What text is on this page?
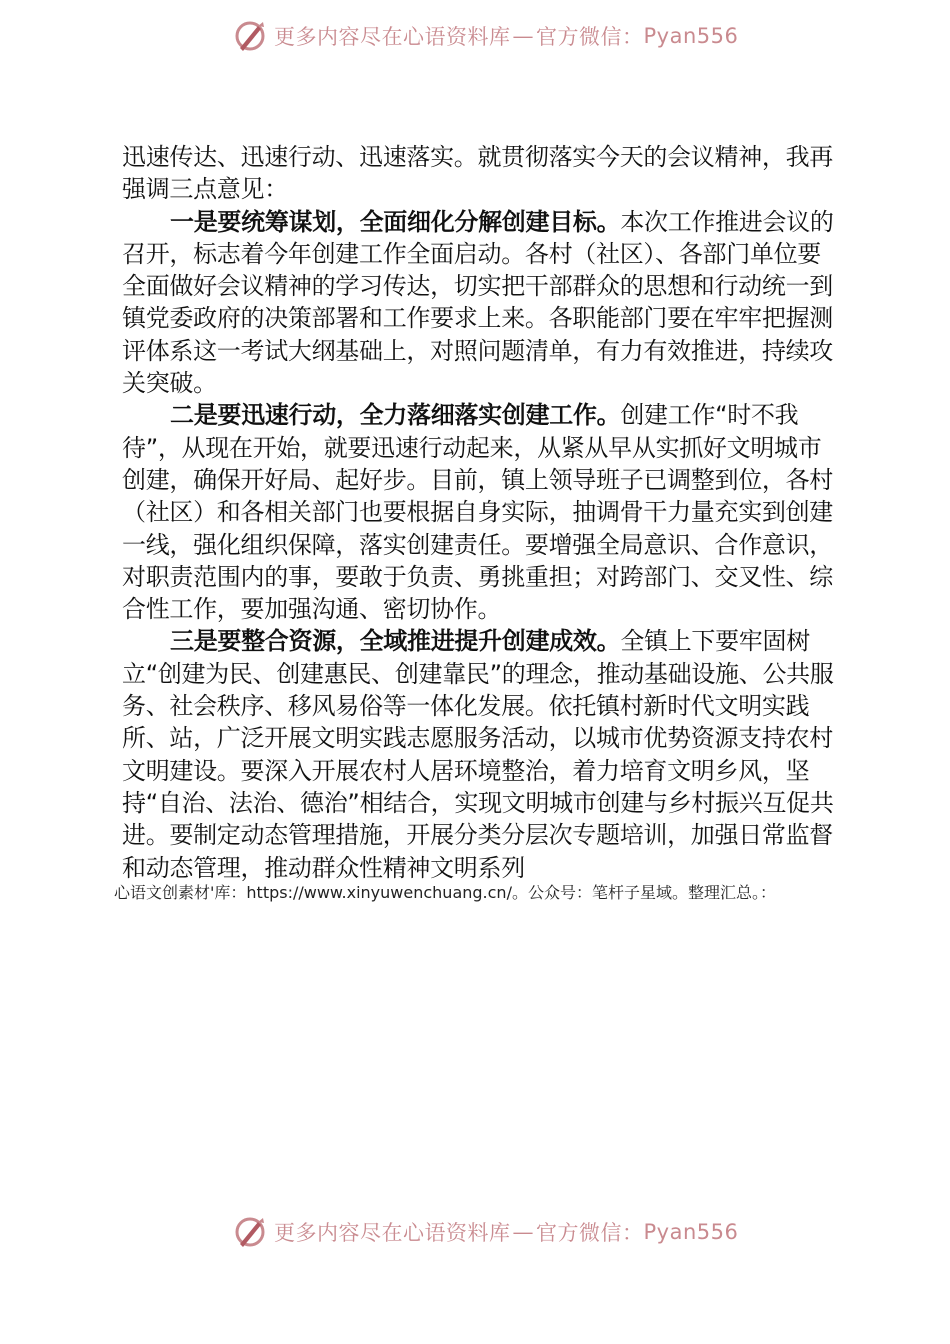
更多内容尽在心语资料库 — 官方微信： Pyan556

迅速传达、迅速行动、迅速落实。就贯彻落实今天的会议精神，我再强调三点意见：

一是要统筹谋划，全面细化分解创建目标。本次工作推进会议的召开，标志着今年创建工作全面启动。各村（社区）、各部门单位要全面做好会议精神的学习传达，切实把干部群众的思想和行动统一到镇党委政府的决策部署和工作要求上来。各职能部门要在牢牢把握测评体系这一考试大纲基础上，对照问题清单，有力有效推进，持续攻关突破。

二是要迅速行动，全力落细落实创建工作。创建工作“时不我待”，从现在开始，就要迅速行动起来，从紧从早从实抓好文明城市创建，确保开好局、起好步。目前，镇上领导班子已调整到位，各村（社区）和各相关部门也要根据自身实际，抽调骨干力量充实到创建一线，强化组织保障，落实创建责任。要增强全局意识、合作意识，对职责范围内的事，要敢于负责、勇挑重担；对跨部门、交叉性、综合性工作，要加强沟通、密切协作。

三是要整合资源，全域推进提升创建成效。全镇上下要牢固树立“创建为民、创建惠民、创建靠民”的理念，推动基础设施、公共服务、社会秩序、移风易俗等一体化发展。依托镇村新时代文明实践所、站，广泛开展文明实践志愿服务活动，以城市优势资源支持农村文明建设。要深入开展农村人居环境整治，着力培育文明乡风，坚持“自治、法治、德治”相结合，实现文明城市创建与乡村振兴互促共进。要制定动态管理措施，开展分类分层次专题培训，加强日常监督和动态管理，推动群众性精神文明系列

心语文创素材'库：https://www.xinyuwenchuang.cn/。公众号：笔杆子星域。整理汇总。：
更多内容尽在心语资料库 — 官方微信： Pyan556
